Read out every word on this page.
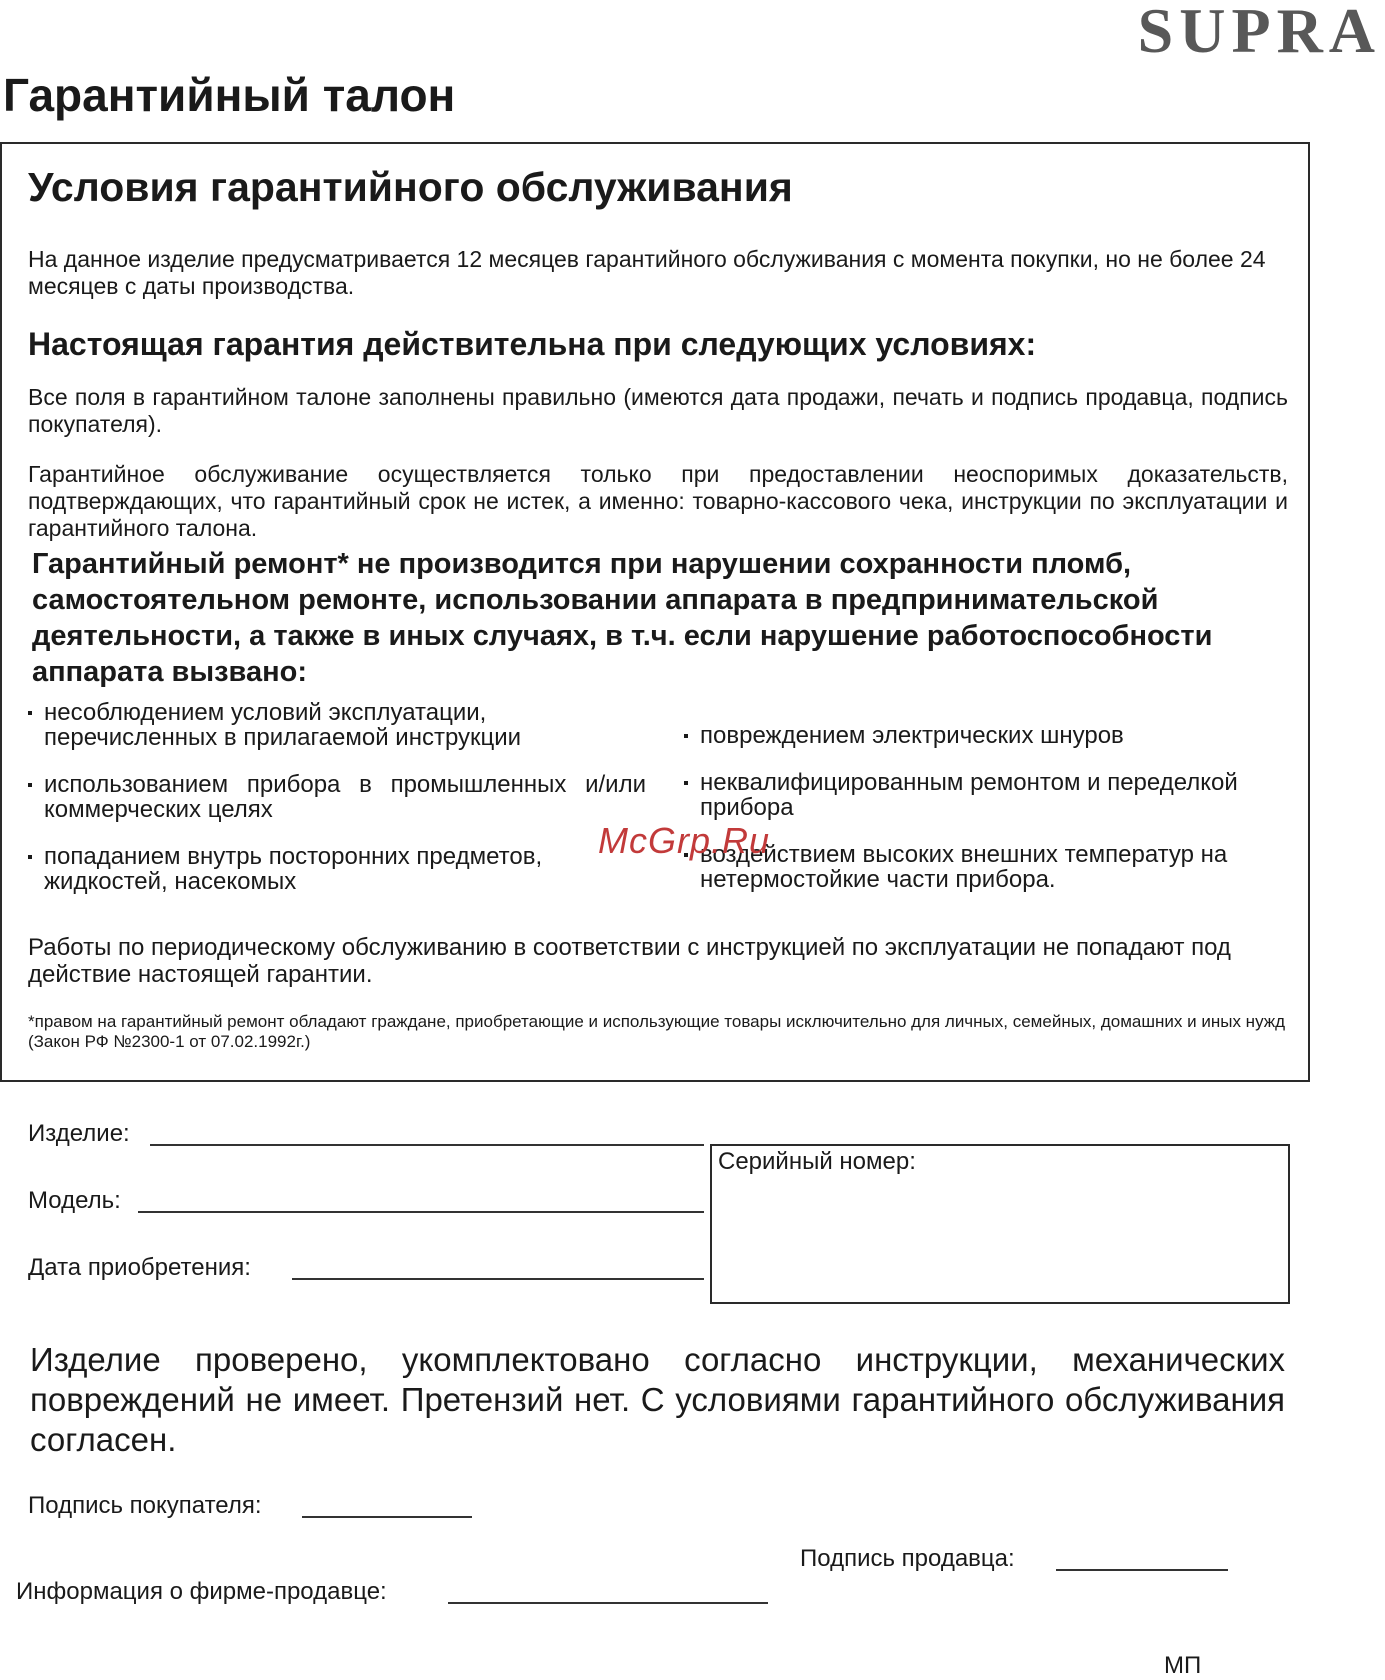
SUPRA
Гарантийный талон
Условия гарантийного обслуживания
На данное изделие предусматривается 12 месяцев гарантийного обслуживания с момента покупки, но не более 24 месяцев с даты производства.
Настоящая гарантия действительна при следующих условиях:
Все поля в гарантийном талоне заполнены правильно (имеются дата продажи, печать и подпись продавца, подпись покупателя).
Гарантийное обслуживание осуществляется только при предоставлении неоспоримых доказательств, подтверждающих, что гарантийный срок не истек, а именно: товарно-кассового чека, инструкции по эксплуатации и гарантийного талона.
Гарантийный ремонт* не производится при нарушении сохранности пломб, самостоятельном ремонте, использовании аппарата в предпринимательской деятельности, а также в иных случаях, в т.ч. если нарушение работоспособности аппарата вызвано:
несоблюдением условий эксплуатации, перечисленных в прилагаемой инструкции
использованием прибора в промышленных и/или коммерческих целях
попаданием внутрь посторонних предметов, жидкостей, насекомых
повреждением электрических шнуров
неквалифицированным ремонтом и переделкой прибора
воздействием высоких внешних температур на нетермостойкие части прибора.
McGrp.Ru
Работы по периодическому обслуживанию в соответствии с инструкцией по эксплуатации не попадают под действие настоящей гарантии.
*правом на гарантийный ремонт обладают граждане, приобретающие и использующие товары исключительно для личных, семейных, домашних и иных нужд (Закон РФ №2300-1 от 07.02.1992г.)
Изделие:
Модель:
Дата приобретения:
Серийный номер:
Изделие проверено, укомплектовано согласно инструкции, механических повреждений не имеет. Претензий нет. С условиями гарантийного обслуживания согласен.
Подпись покупателя:
Подпись продавца:
Информация о фирме-продавце:
МП
